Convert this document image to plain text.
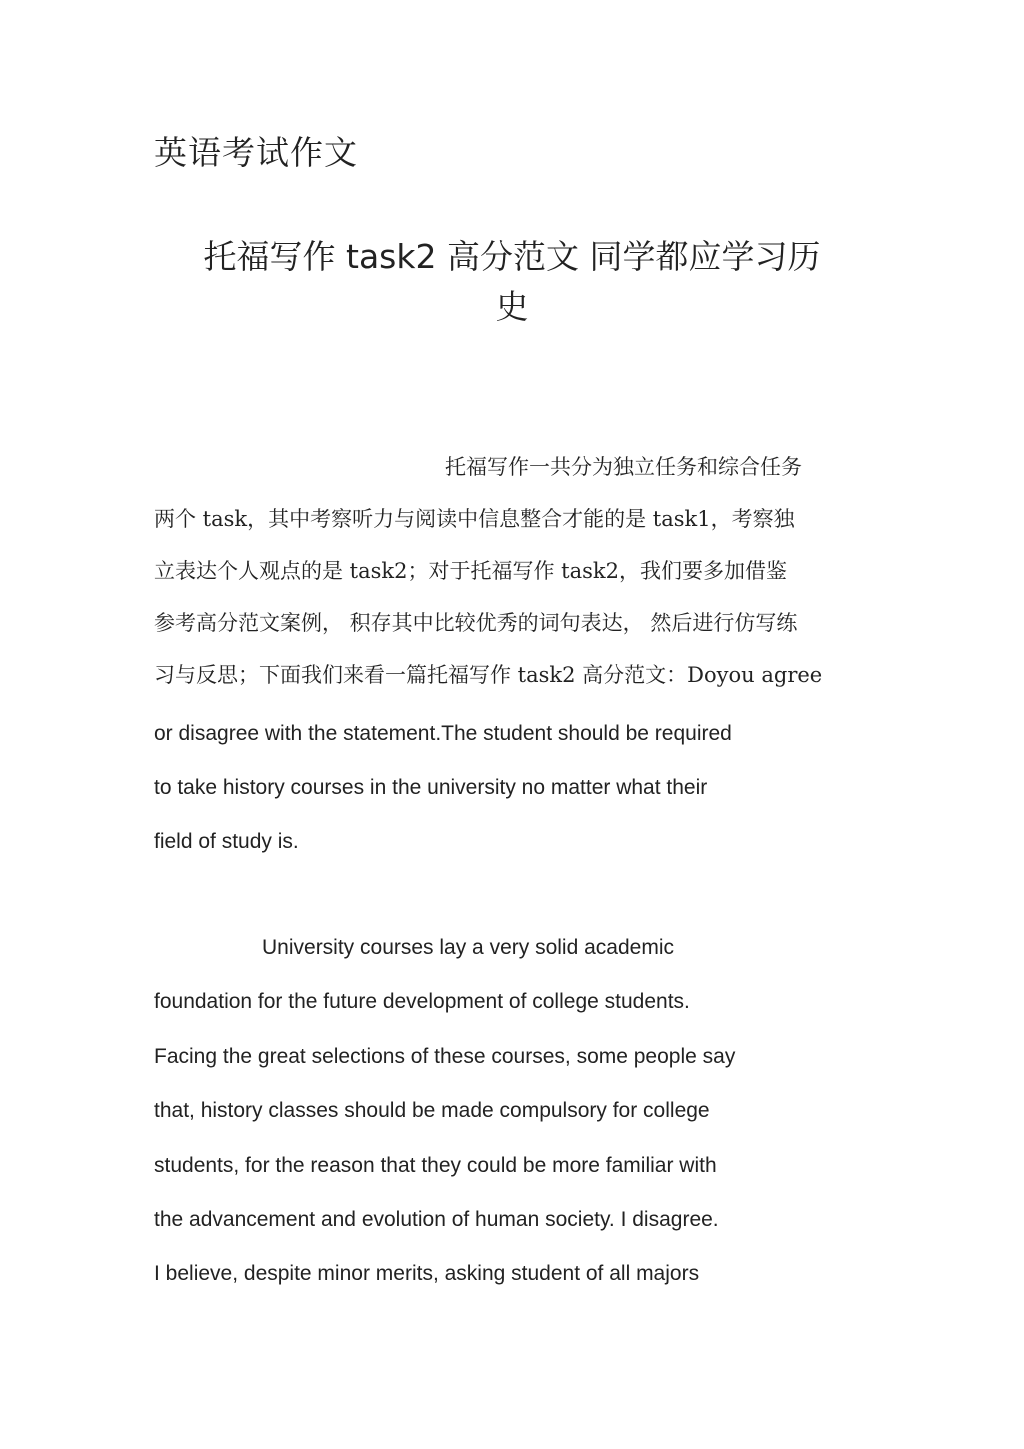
英语考试作文
托福写作 task2 高分范文 同学都应学习历
史
托福写作一共分为独立任务和综合任务
两个 task，其中考察听力与阅读中信息整合才能的是 task1，考察独
立表达个人观点的是 task2；对于托福写作 task2，我们要多加借鉴
参考高分范文案例， 积存其中比较优秀的词句表达， 然后进行仿写练
习与反思；下面我们来看一篇托福写作 task2 高分范文：Doyou agree
or disagree with the statement.The student should be required
to take history courses in the university no matter what their
field of study is.
University courses lay a very solid academic
foundation for the future development of college students.
Facing the great selections of these courses, some people say
that, history classes should be made compulsory for college
students, for the reason that they could be more familiar with
the advancement and evolution of human society. I disagree.
I believe, despite minor merits, asking student of all majors
